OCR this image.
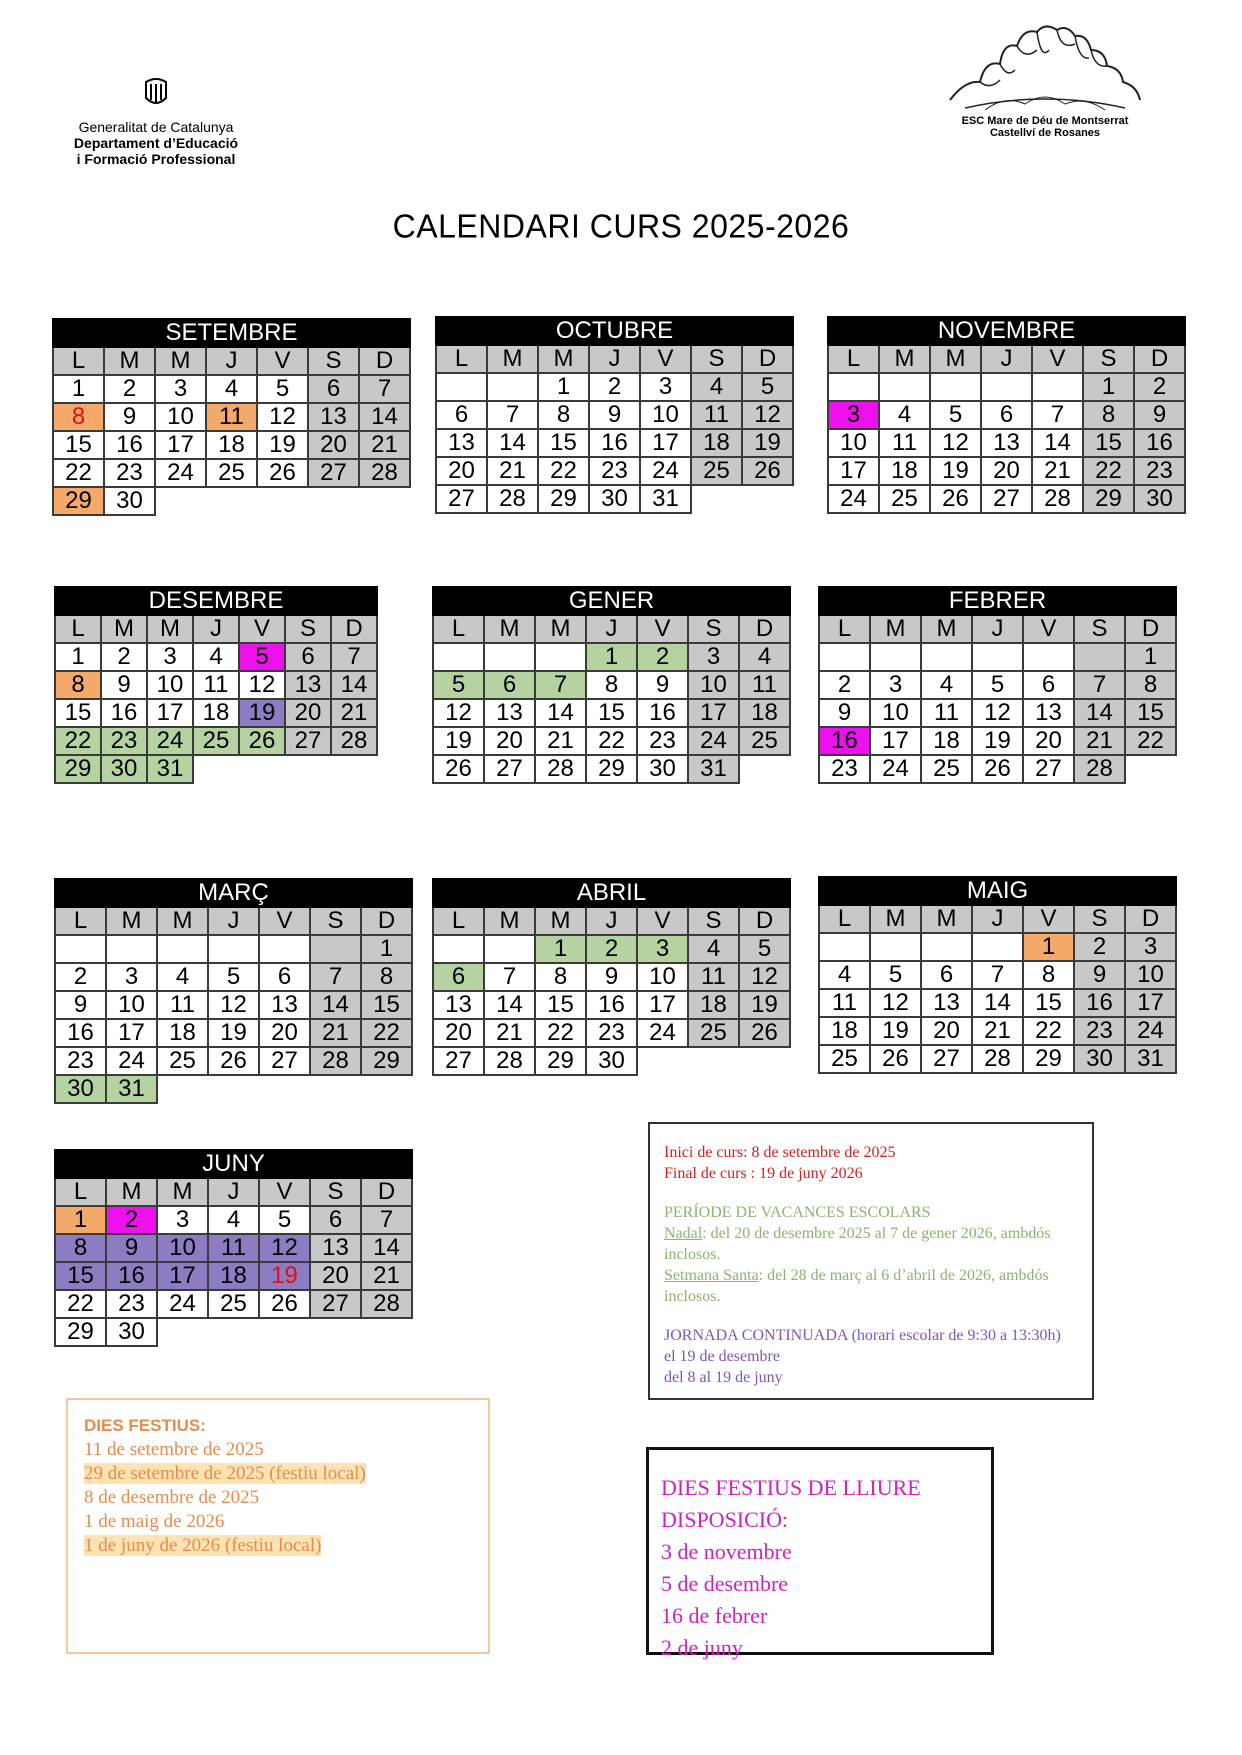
Generalitat de Catalunya
Departament d’Educació
i Formació Professional
ESC Mare de Déu de Montserrat
Castellví de Rosanes
CALENDARI CURS 2025-2026
SETEMBRE						
L	M	M	J	V	S	D
1	2	3	4	5	6	7
8	9	10	11	12	13	14
15	16	17	18	19	20	21
22	23	24	25	26	27	28
29	30					
OCTUBRE						
L	M	M	J	V	S	D
		1	2	3	4	5
6	7	8	9	10	11	12
13	14	15	16	17	18	19
20	21	22	23	24	25	26
27	28	29	30	31		
NOVEMBRE						
L	M	M	J	V	S	D
					1	2
3	4	5	6	7	8	9
10	11	12	13	14	15	16
17	18	19	20	21	22	23
24	25	26	27	28	29	30
DESEMBRE						
L	M	M	J	V	S	D
1	2	3	4	5	6	7
8	9	10	11	12	13	14
15	16	17	18	19	20	21
22	23	24	25	26	27	28
29	30	31				
GENER						
L	M	M	J	V	S	D
			1	2	3	4
5	6	7	8	9	10	11
12	13	14	15	16	17	18
19	20	21	22	23	24	25
26	27	28	29	30	31	
FEBRER						
L	M	M	J	V	S	D
						1
2	3	4	5	6	7	8
9	10	11	12	13	14	15
16	17	18	19	20	21	22
23	24	25	26	27	28	
MARÇ						
L	M	M	J	V	S	D
						1
2	3	4	5	6	7	8
9	10	11	12	13	14	15
16	17	18	19	20	21	22
23	24	25	26	27	28	29
30	31					
ABRIL						
L	M	M	J	V	S	D
		1	2	3	4	5
6	7	8	9	10	11	12
13	14	15	16	17	18	19
20	21	22	23	24	25	26
27	28	29	30			
MAIG						
L	M	M	J	V	S	D
				1	2	3
4	5	6	7	8	9	10
11	12	13	14	15	16	17
18	19	20	21	22	23	24
25	26	27	28	29	30	31
JUNY						
L	M	M	J	V	S	D
1	2	3	4	5	6	7
8	9	10	11	12	13	14
15	16	17	18	19	20	21
22	23	24	25	26	27	28
29	30					
Inici de curs: 8 de setembre de 2025
Final de curs : 19 de juny 2026
PERÍODE DE VACANCES ESCOLARS
Nadal: del 20 de desembre 2025 al 7 de gener 2026, ambdós inclosos.
Setmana Santa: del 28 de març al 6 d’abril de 2026, ambdós inclosos.
JORNADA CONTINUADA (horari escolar de 9:30 a 13:30h)
el 19 de desembre
del 8 al 19 de juny
DIES FESTIUS:
11 de setembre de 2025
29 de setembre de 2025 (festiu local)
8 de desembre de 2025
1 de maig de 2026
1 de juny de 2026 (festiu local)
DIES FESTIUS DE LLIURE DISPOSICIÓ:
3 de novembre
5 de desembre
16 de febrer
2 de juny
